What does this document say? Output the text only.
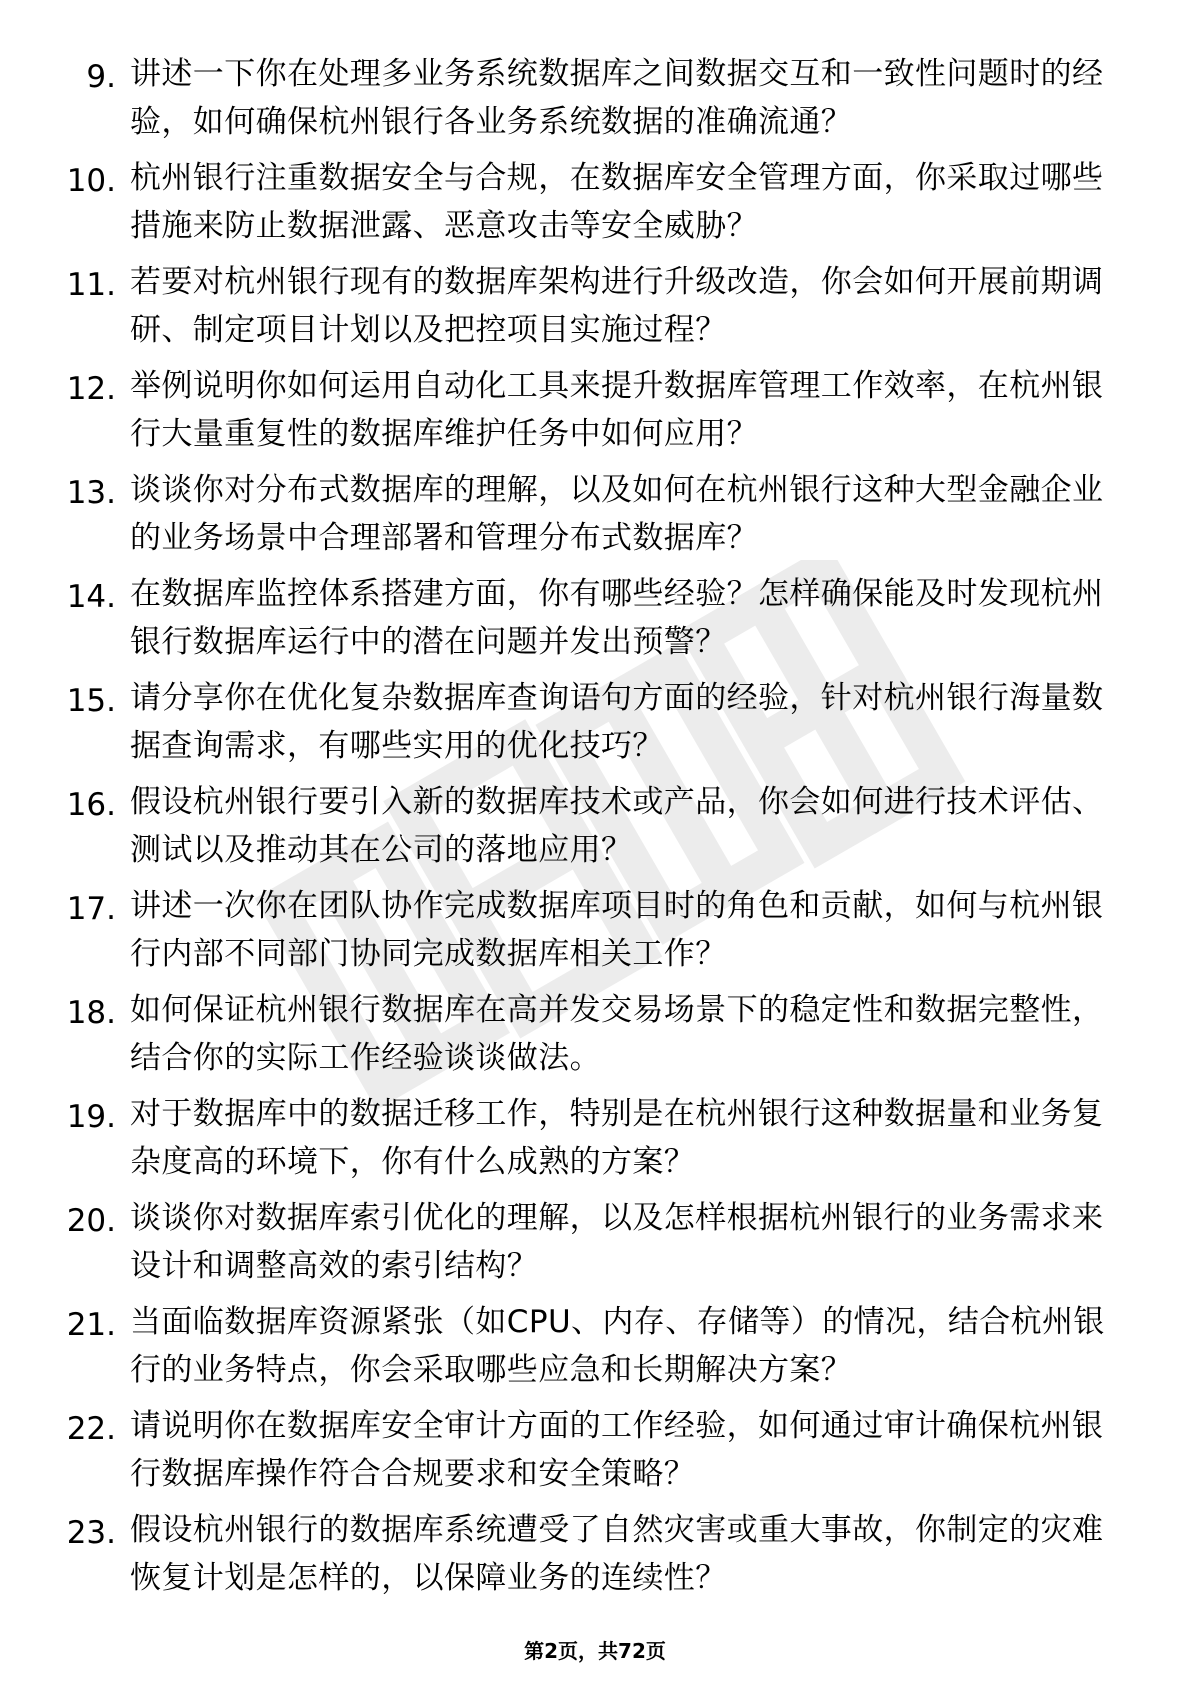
9. 讲述一下你在处理多业务系统数据库之间数据交互和一致性问题时的经验，如何确保杭州银行各业务系统数据的准确流通？
10. 杭州银行注重数据安全与合规，在数据库安全管理方面，你采取过哪些措施来防止数据泄露、恶意攻击等安全威胁？
11. 若要对杭州银行现有的数据库架构进行升级改造，你会如何开展前期调研、制定项目计划以及把控项目实施过程？
12. 举例说明你如何运用自动化工具来提升数据库管理工作效率，在杭州银行大量重复性的数据库维护任务中如何应用？
13. 谈谈你对分布式数据库的理解，以及如何在杭州银行这种大型金融企业的业务场景中合理部署和管理分布式数据库？
14. 在数据库监控体系搭建方面，你有哪些经验？怎样确保能及时发现杭州银行数据库运行中的潜在问题并发出预警？
15. 请分享你在优化复杂数据库查询语句方面的经验，针对杭州银行海量数据查询需求，有哪些实用的优化技巧？
16. 假设杭州银行要引入新的数据库技术或产品，你会如何进行技术评估、测试以及推动其在公司的落地应用？
17. 讲述一次你在团队协作完成数据库项目时的角色和贡献，如何与杭州银行内部不同部门协同完成数据库相关工作？
18. 如何保证杭州银行数据库在高并发交易场景下的稳定性和数据完整性，结合你的实际工作经验谈谈做法。
19. 对于数据库中的数据迁移工作，特别是在杭州银行这种数据量和业务复杂度高的环境下，你有什么成熟的方案？
20. 谈谈你对数据库索引优化的理解，以及怎样根据杭州银行的业务需求来设计和调整高效的索引结构？
21. 当面临数据库资源紧张（如CPU、内存、存储等）的情况，结合杭州银行的业务特点，你会采取哪些应急和长期解决方案？
22. 请说明你在数据库安全审计方面的工作经验，如何通过审计确保杭州银行数据库操作符合合规要求和安全策略？
23. 假设杭州银行的数据库系统遭受了自然灾害或重大事故，你制定的灾难恢复计划是怎样的，以保障业务的连续性？
第2页，共72页
